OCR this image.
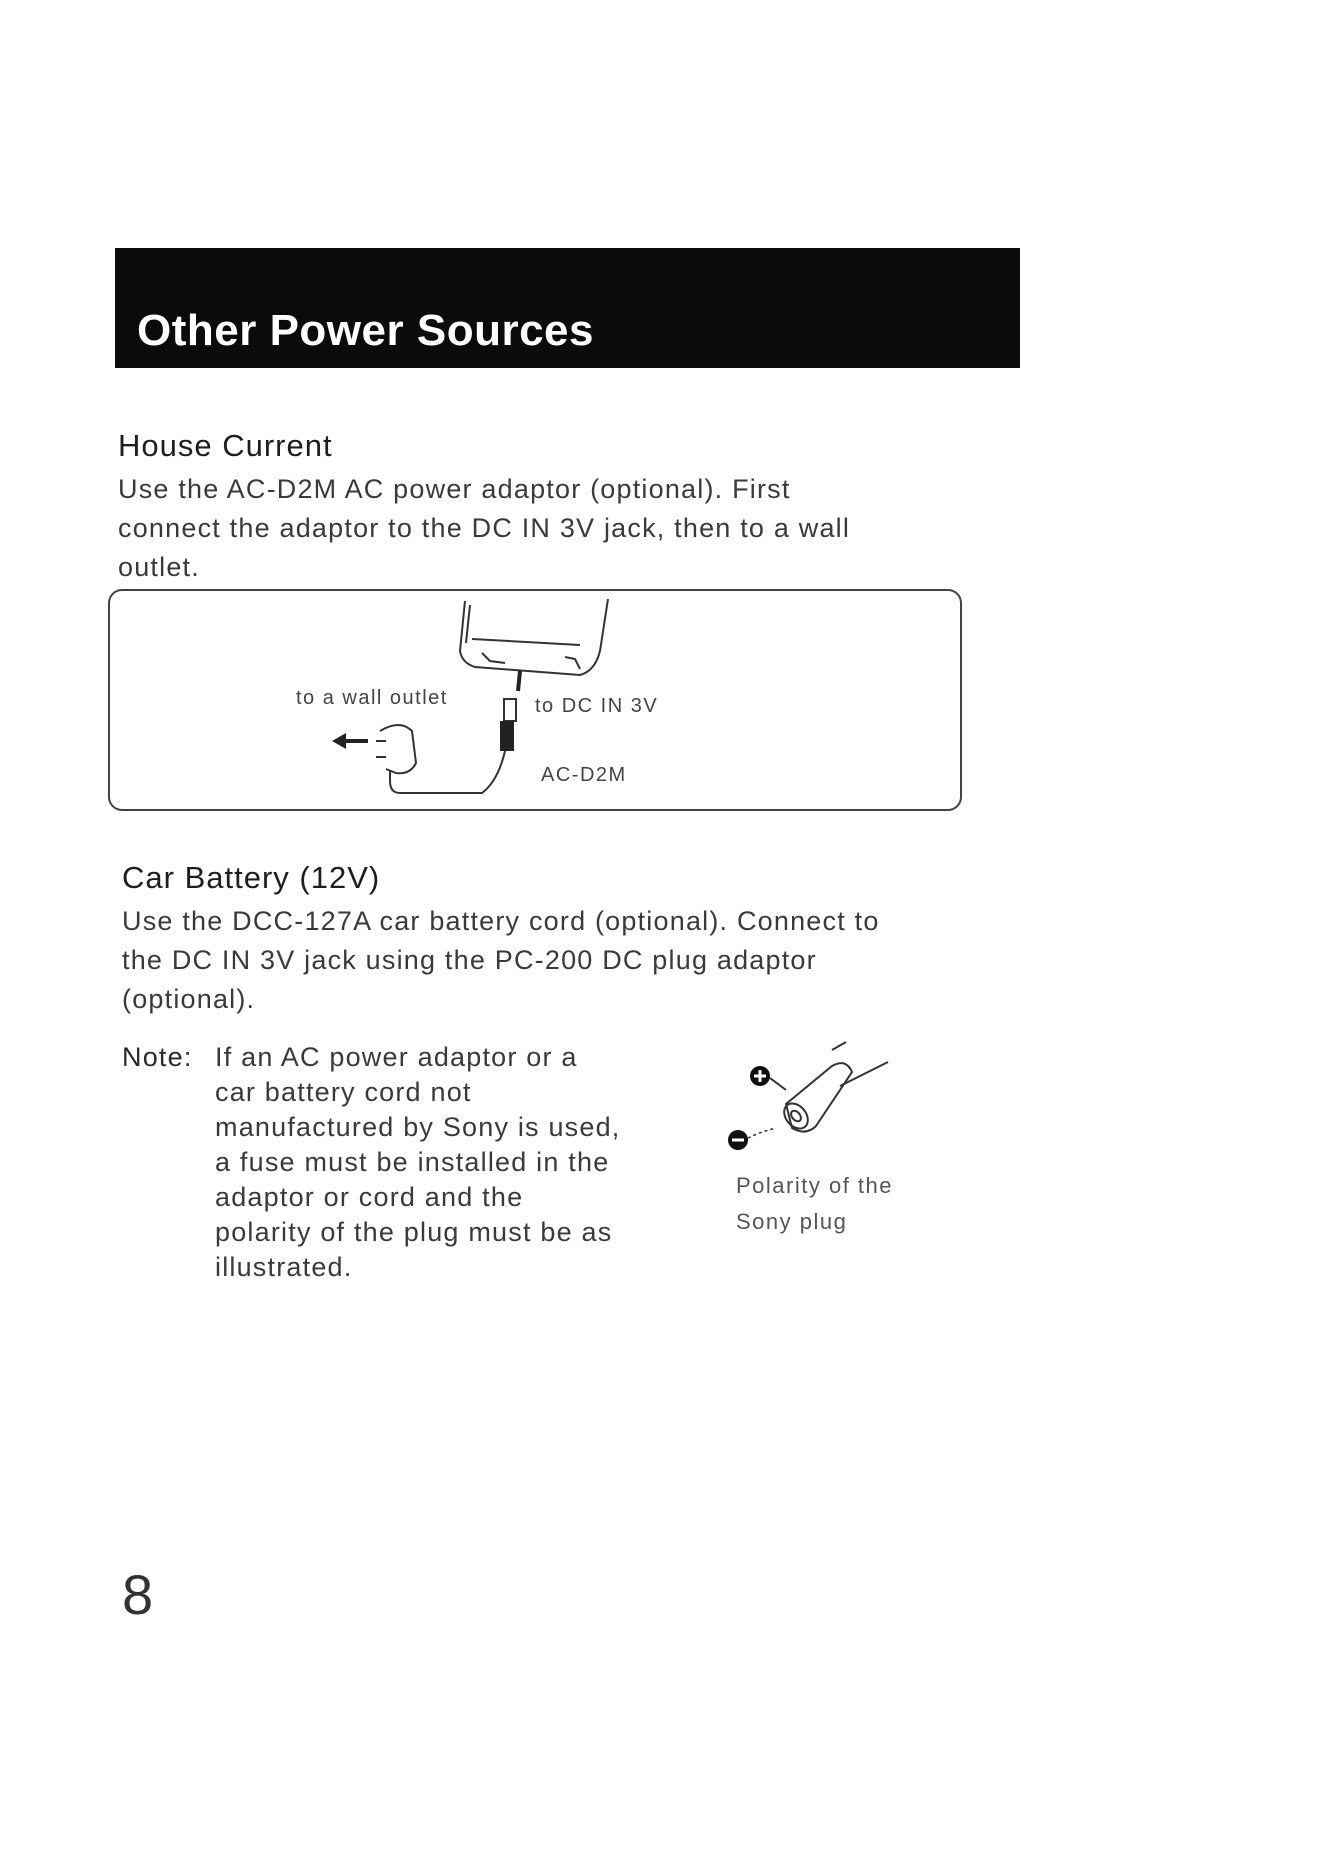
Other Power Sources
House Current

Use the AC-D2M AC power adaptor (optional). First

connect the adaptor to the DC IN 3V jack, then to a wall

outlet.

to a wall outlet	to DC IN 3V
AC-D2M
Car Battery (12V)

Use the DCC-127A car battery cord (optional). Connect to

the DC IN 3V jack using the PC-200 DC plug adaptor

(optional).

Note: If an AC power adaptor or a

car battery cord not

manufactured by Sony is used,

a fuse must be installed in the

adaptor or cord and the

polarity of the plug must be as

illustrated.

Polarity of the

Sony plug

8
